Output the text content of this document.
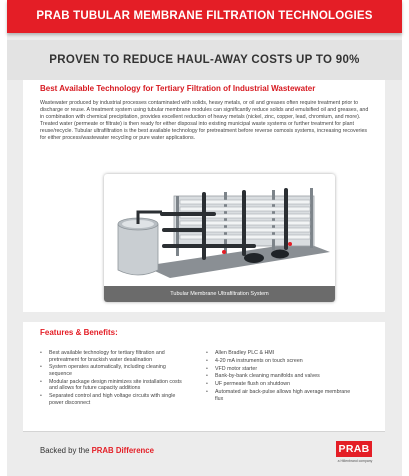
PRAB TUBULAR MEMBRANE FILTRATION TECHNOLOGIES
PROVEN TO REDUCE HAUL-AWAY COSTS UP TO 90%
Best Available Technology for Tertiary Filtration of Industrial Wastewater
Wastewater produced by industrial processes contaminated with solids, heavy metals, or oil and greases often require treatment prior to discharge or reuse. A treatment system using tubular membrane modules can significantly reduce solids and emulsified oil and greases, and in combination with chemical precipitation, provides excellent reduction of heavy metals (nickel, zinc, copper, lead, chromium, and more). Treated water (permeate or filtrate) is then ready for either disposal into existing municipal waste systems or further treatment for plant reuse/recycle. Tubular ultrafiltration is the best available technology for pretreatment before reverse osmosis systems, increasing recoveries for either process/wastewater recycling or pure water applications.
Tubular Membrane Ultrafiltration System
Features & Benefits:
• Best available technology for tertiary filtration and pretreatment for brackish water desalination
• System operates automatically, including cleaning sequence
• Modular package design minimizes site installation costs and allows for future capacity additions
• Separated control and high voltage circuits with single power disconnect
• Allen Bradley PLC & HMI
• 4-20 mA instruments on touch screen
• VFD motor starter
• Bank-by-bank cleaning manifolds and valves
• UF permeate flush on shutdown
• Automated air back-pulse allows high average membrane flux
Backed by the PRAB Difference	PRAB
a Hillenbrand company
